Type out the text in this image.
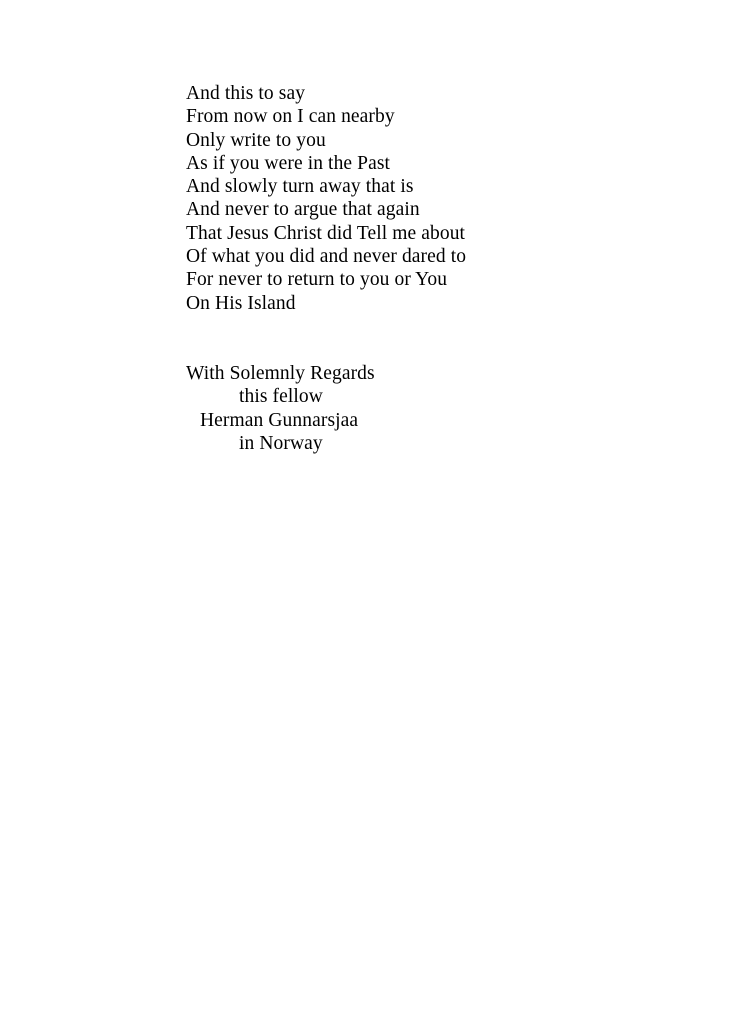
And this to say
From now on I can nearby
Only write to you
As if you were in the Past
And slowly turn away that is
And never to argue that again
That Jesus Christ did Tell me about
Of what you did and never dared to
For never to return to you or You
On His Island
With Solemnly Regards
this fellow
Herman Gunnarsjaa
in Norway
